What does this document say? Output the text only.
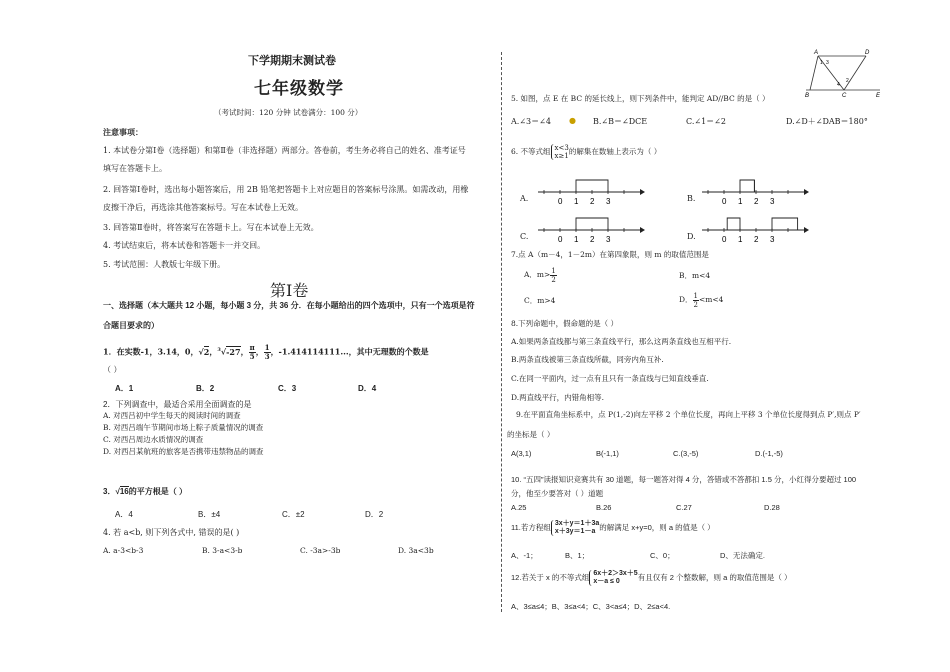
下学期期末测试卷
七年级数学
（考试时间：120 分钟 试卷满分：100 分）
注意事项：
1. 本试卷分第Ⅰ卷（选择题）和第Ⅱ卷（非选择题）两部分。答卷前，考生务必将自己的姓名、准考证号
填写在答题卡上。
2. 回答第Ⅰ卷时，选出每小题答案后，用 2B 铅笔把答题卡上对应题目的答案标号涂黑。如需改动，用橡
皮擦干净后，再选涂其他答案标号。写在本试卷上无效。
3. 回答第Ⅱ卷时，将答案写在答题卡上。写在本试卷上无效。
4. 考试结束后，将本试卷和答题卡一并交回。
5. 考试范围：人教版七年级下册。
第Ⅰ卷
一、选择题（本大题共 12 小题，每小题 3 分，共 36 分．在每小题给出的四个选项中，只有一个选项是符
合题目要求的）
1．在实数-1，3.14，0，√2，$^3$√-27， $\frac{\pi}{5}$ ， $\frac{1}{3}$ ，-1.414114111...，其中无理数的个数是
（ ）
A．1	B．2	C．3	D．4
2．下列调查中，最适合采用全面调查的是
A. 对西吕初中学生每天的阅读时间的调查
B. 对西吕端午节期间市场上粽子质量情况的调查
C. 对西吕周边水质情况的调查
D. 对西吕某航班的旅客是否携带违禁物品的调查
3．√16的平方根是（ ）
A．4	B．±4	C．±2	D．2
4. 若 a<b, 则下列各式中, 错误的是( )
A. a-3<b-3	B. 3-a<3-b	C. -3a>-3b	D. 3a<3b
A	D
B	C	E
1
2
3
4
5. 如图，点 E 在 BC 的延长线上，则下列条件中，能判定 AD//BC 的是（ ）
A.∠3＝∠4 ● B.∠B＝∠DCE	C.∠1＝∠2	D.∠D＋∠DAB＝180°
6. 不等式组 x<3
x≥1 的解集在数轴上表示为（ ）
A.	B.
C.	D.
0 1 2 3	0 1 2 3
0 1 2 3	0 1 2 3
7.点 A（m－4，1－2m）在第四象限，则 m 的取值范围是
A．$m> \frac{1}{2}$	B．m<4
C．m>4	D． $\frac{1}{2} <m<4$
8.下列命题中，假命题的是（ ）
A.如果两条直线都与第三条直线平行，那么这两条直线也互相平行.
B.两条直线被第三条直线所截，同旁内角互补.
C.在同一平面内，过一点有且只有一条直线与已知直线垂直.
D.两直线平行，内错角相等.
9.在平面直角坐标系中，点 P(1,-2)向左平移 2 个单位长度，再向上平移 3 个单位长度得到点 P′,则点 P′
的坐标是（ ）
A(3,1)	B(-1,1)	C.(3,-5)	D.(-1,-5)
10. “五四”读报知识竞赛共有 30 道题，每一题答对得 4 分，答错或不答都扣 1.5 分，小红得分要超过 100
分，他至少要答对（ ）道题
A.25	B.26	C.27	D.28
11.若方程组 3x＋y＝1＋3a
x＋3y＝1－a 的解满足 x+y=0，则 a 的值是（ ）
A、-1；	B、1；	C、0；	D、无法确定.
12.若关于 x 的不等式组 6x＋2＞3x＋5
x－a ≤ 0	有且仅有 2 个整数解，则 a 的取值范围是（ ）
A、3≤a≤4；B、3≤a<4；C、3<a≤4；D、2≤a<4.
